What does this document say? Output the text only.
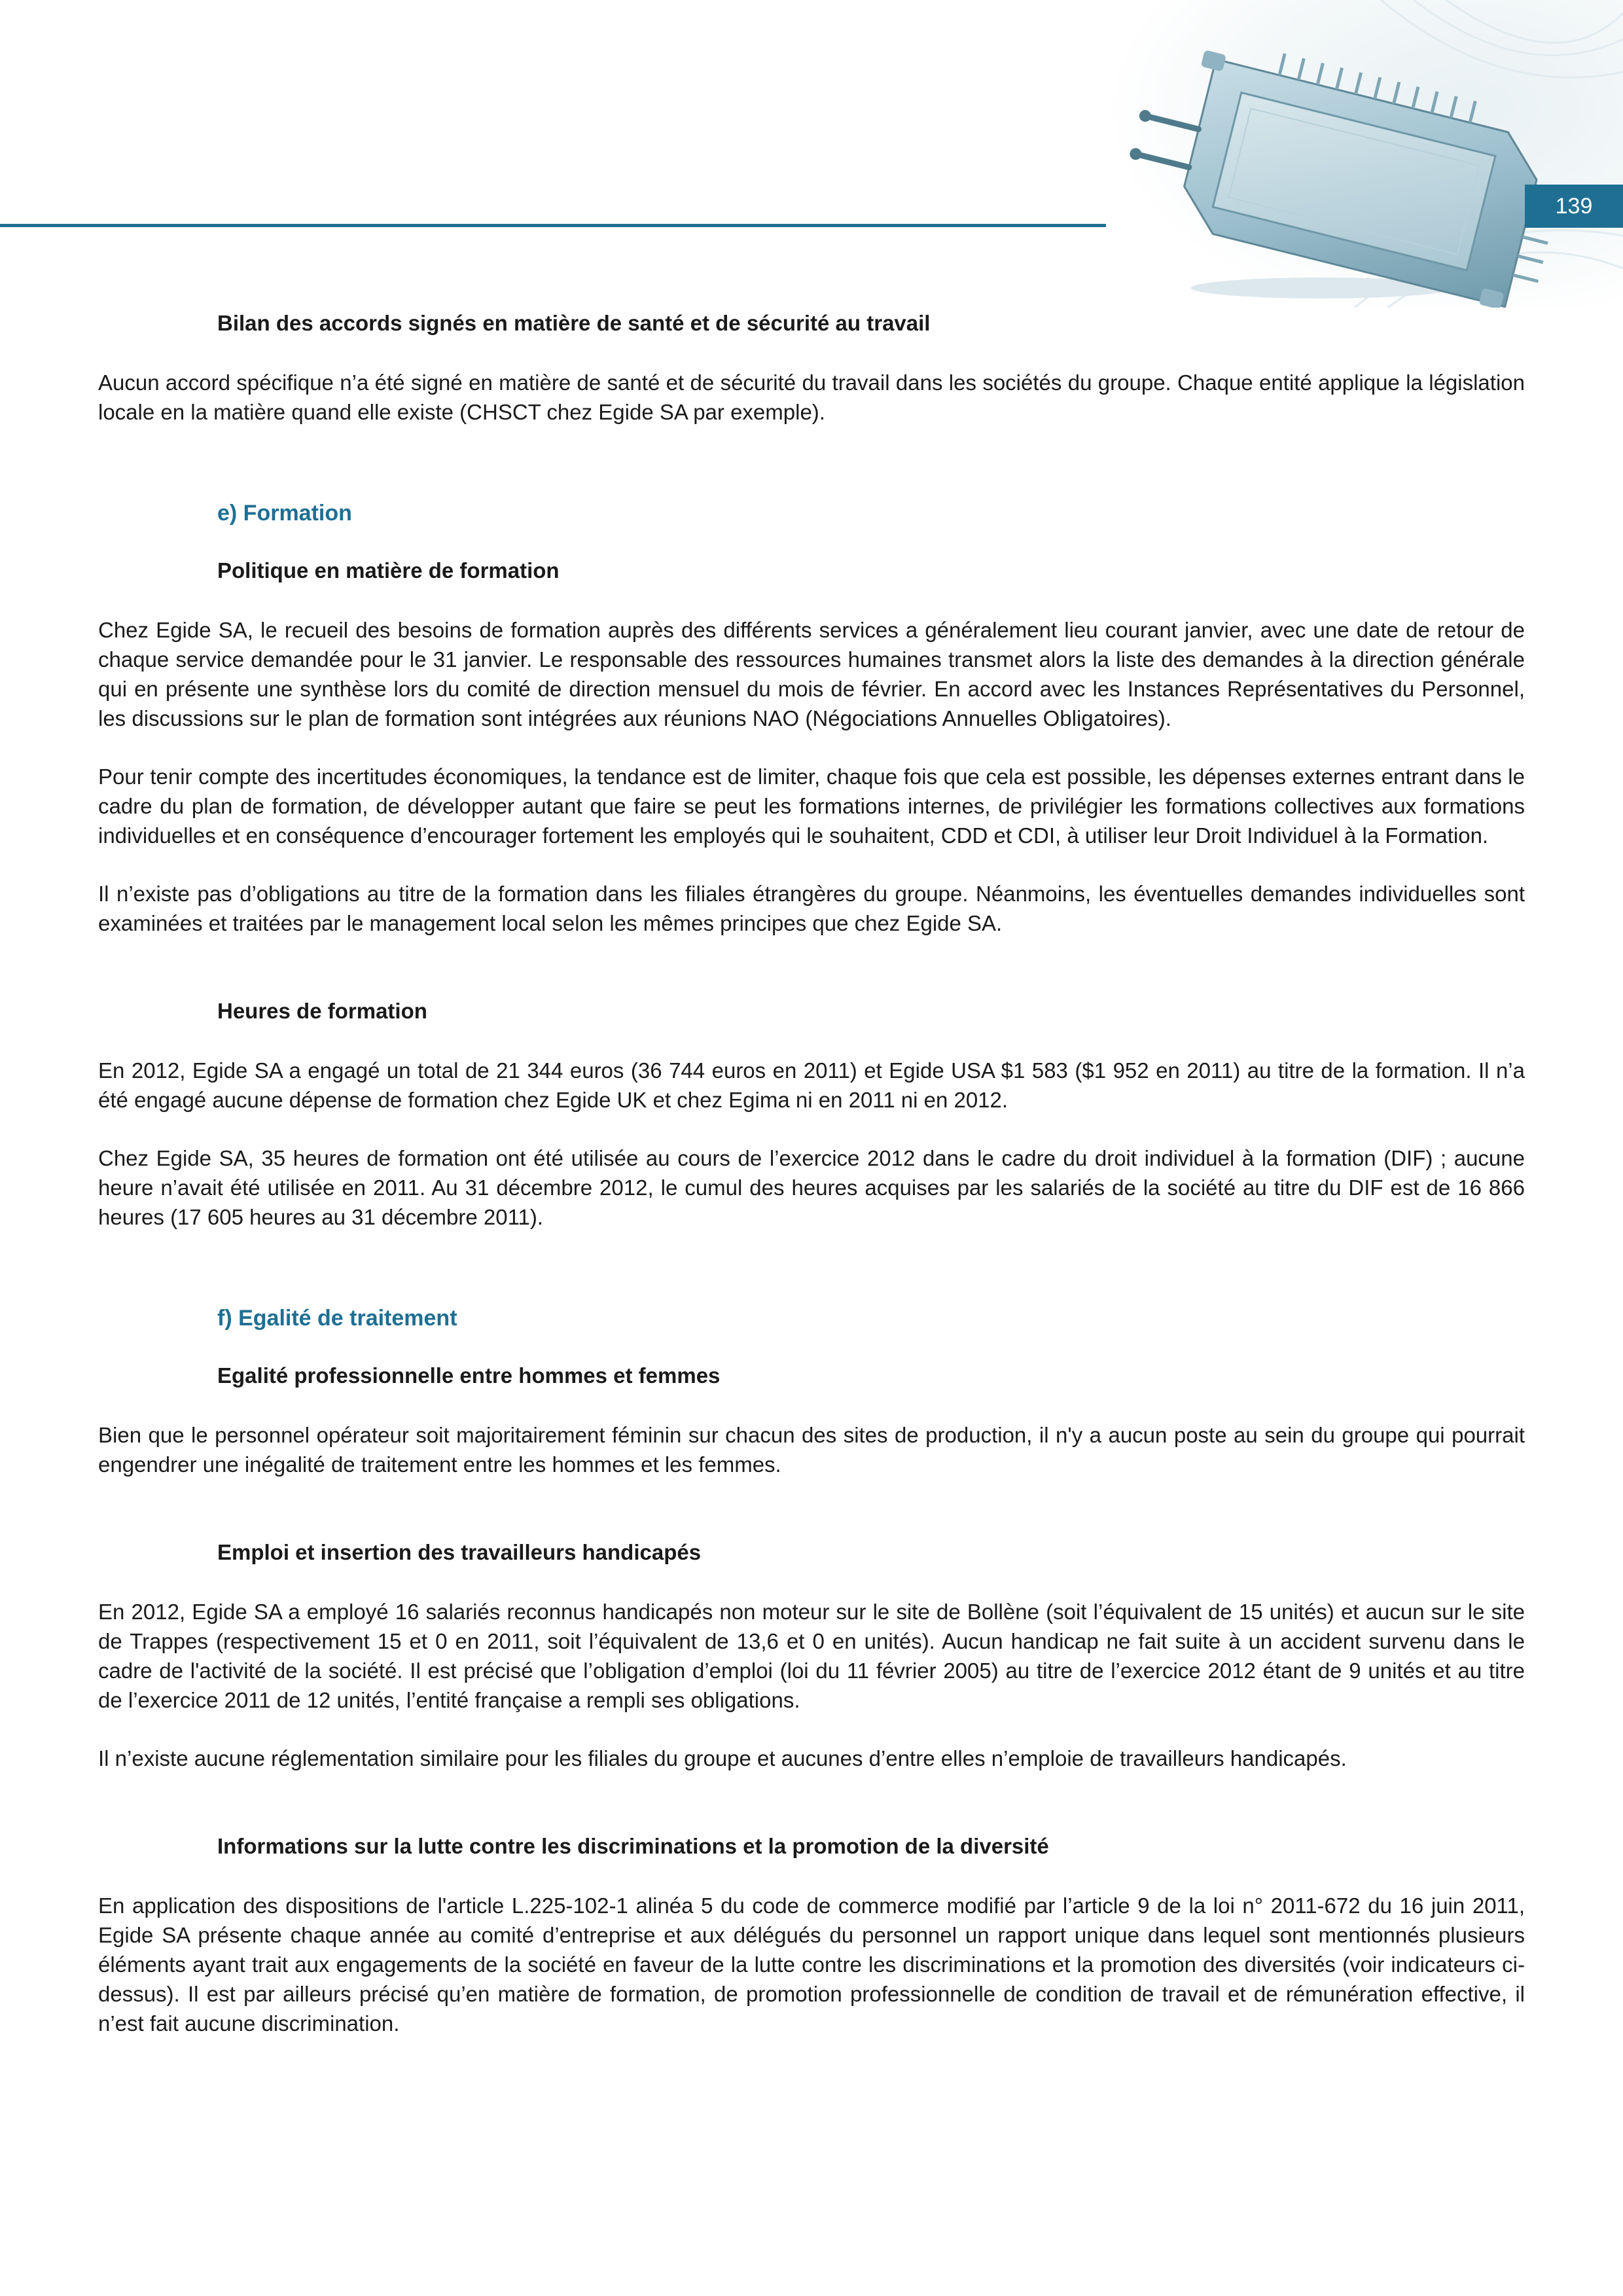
139
Bilan des accords signés en matière de santé et de sécurité au travail

Aucun accord spécifique n’a été signé en matière de santé et de sécurité du travail dans les sociétés du groupe. Chaque entité applique la législation locale en la matière quand elle existe (CHSCT chez Egide SA par exemple).

e) Formation
Politique en matière de formation

Chez Egide SA, le recueil des besoins de formation auprès des différents services a généralement lieu courant janvier, avec une date de retour de chaque service demandée pour le 31 janvier. Le responsable des ressources humaines transmet alors la liste des demandes à la direction générale qui en présente une synthèse lors du comité de direction mensuel du mois de février. En accord avec les Instances Représentatives du Personnel, les discussions sur le plan de formation sont intégrées aux réunions NAO (Négociations Annuelles Obligatoires).

Pour tenir compte des incertitudes économiques, la tendance est de limiter, chaque fois que cela est possible, les dépenses externes entrant dans le cadre du plan de formation, de développer autant que faire se peut les formations internes, de privilégier les formations collectives aux formations individuelles et en conséquence d’encourager fortement les employés qui le souhaitent, CDD et CDI, à utiliser leur Droit Individuel à la Formation.

Il n’existe pas d’obligations au titre de la formation dans les filiales étrangères du groupe. Néanmoins, les éventuelles demandes individuelles sont examinées et traitées par le management local selon les mêmes principes que chez Egide SA.

Heures de formation

En 2012, Egide SA a engagé un total de 21 344 euros (36 744 euros en 2011) et Egide USA $1 583 ($1 952 en 2011) au titre de la formation. Il n’a été engagé aucune dépense de formation chez Egide UK et chez Egima ni en 2011 ni en 2012.

Chez Egide SA, 35 heures de formation ont été utilisée au cours de l’exercice 2012 dans le cadre du droit individuel à la formation (DIF) ; aucune heure n’avait été utilisée en 2011. Au 31 décembre 2012, le cumul des heures acquises par les salariés de la société au titre du DIF est de 16 866 heures (17 605 heures au 31 décembre 2011).

f) Egalité de traitement
Egalité professionnelle entre hommes et femmes

Bien que le personnel opérateur soit majoritairement féminin sur chacun des sites de production, il n'y a aucun poste au sein du groupe qui pourrait engendrer une inégalité de traitement entre les hommes et les femmes.

Emploi et insertion des travailleurs handicapés

En 2012, Egide SA a employé 16 salariés reconnus handicapés non moteur sur le site de Bollène (soit l’équivalent de 15 unités) et aucun sur le site de Trappes (respectivement 15 et 0 en 2011, soit l’équivalent de 13,6 et 0 en unités). Aucun handicap ne fait suite à un accident survenu dans le cadre de l'activité de la société. Il est précisé que l’obligation d’emploi (loi du 11 février 2005) au titre de l’exercice 2012 étant de 9 unités et au titre de l’exercice 2011 de 12 unités, l’entité française a rempli ses obligations.

Il n’existe aucune réglementation similaire pour les filiales du groupe et aucunes d’entre elles n’emploie de travailleurs handicapés.

Informations sur la lutte contre les discriminations et la promotion de la diversité

En application des dispositions de l'article L.225-102-1 alinéa 5 du code de commerce modifié par l’article 9 de la loi n° 2011-672 du 16 juin 2011, Egide SA présente chaque année au comité d’entreprise et aux délégués du personnel un rapport unique dans lequel sont mentionnés plusieurs éléments ayant trait aux engagements de la société en faveur de la lutte contre les discriminations et la promotion des diversités (voir indicateurs ci-dessus). Il est par ailleurs précisé qu’en matière de formation, de promotion professionnelle de condition de travail et de rémunération effective, il n’est fait aucune discrimination.
